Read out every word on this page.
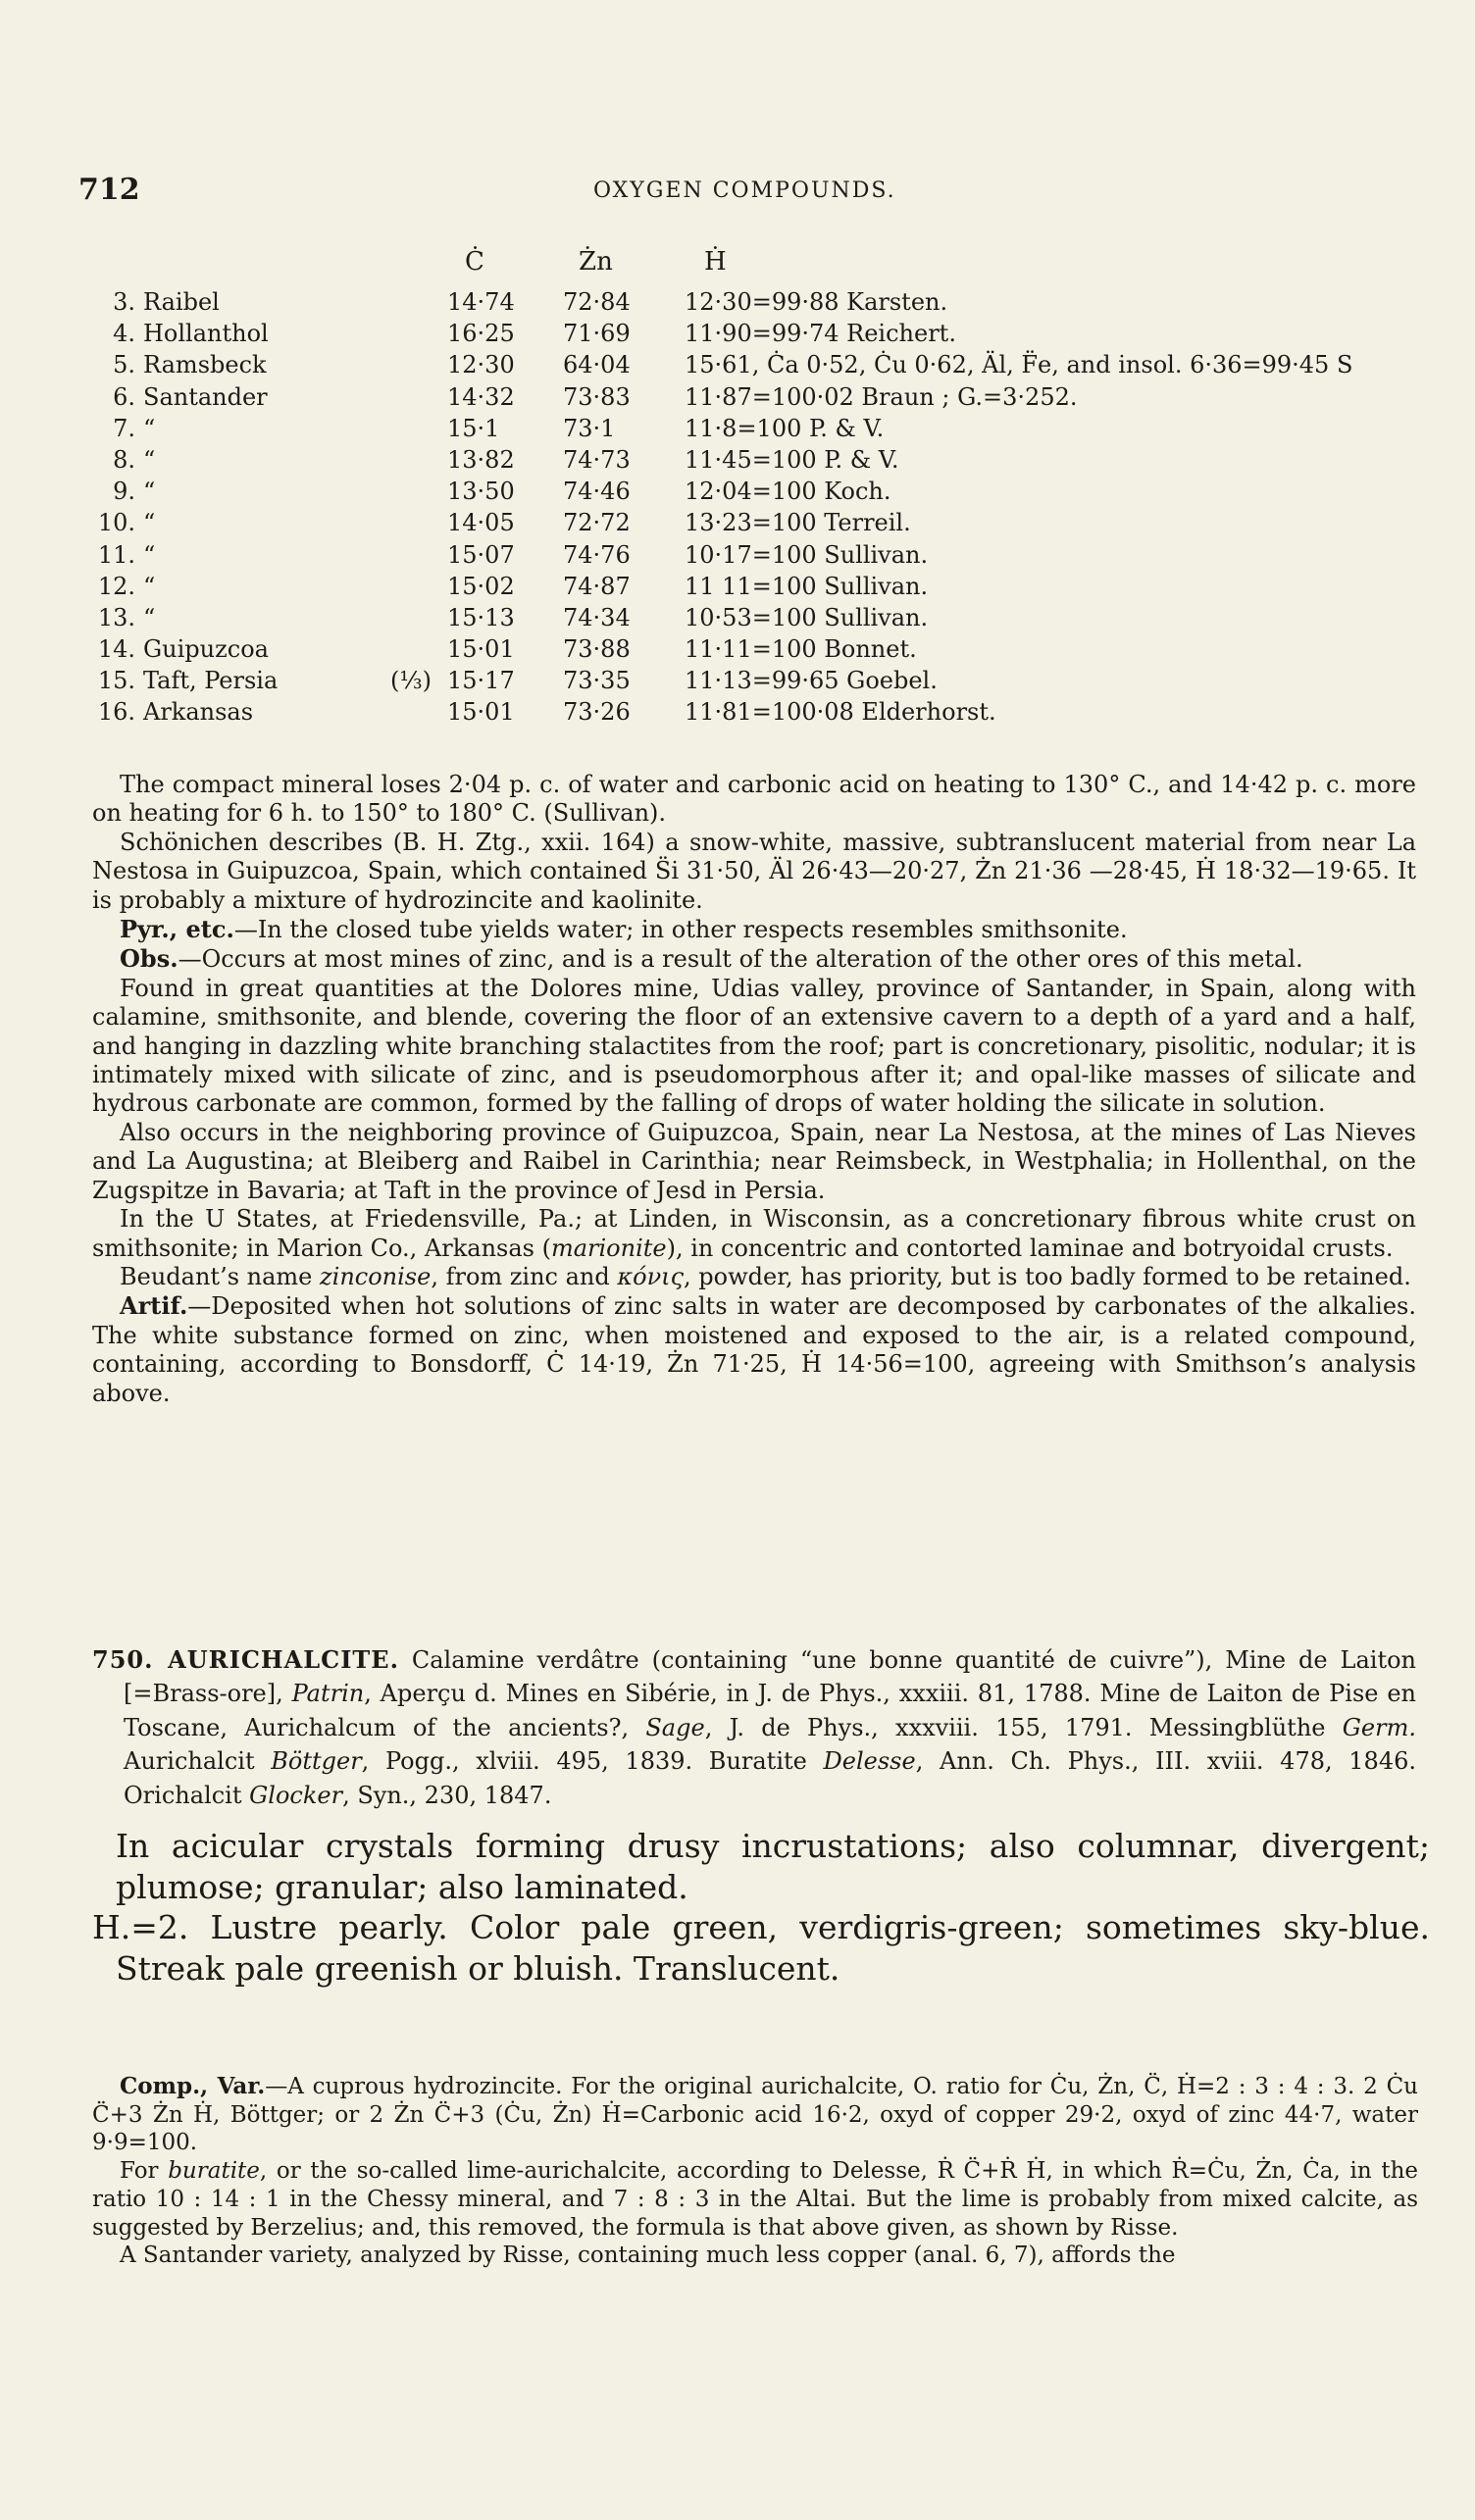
712	OXYGEN COMPOUNDS.
Ċ	Żn	Ḣ
3. Raibel	14·74	72·84	12·30=99·88 Karsten.
4. Hollanthol	16·25	71·69	11·90=99·74 Reichert.
5. Ramsbeck	12·30	64·04	15·61, Ċa 0·52, Ċu 0·62, Äl, F̈e, and insol. 6·36=99·45 S
6. Santander	14·32	73·83	11·87=100·02 Braun ; G.=3·252.
7. “	15·1	73·1	11·8=100 P. & V.
8. “	13·82	74·73	11·45=100 P. & V.
9. “	13·50	74·46	12·04=100 Koch.
10. “	14·05	72·72	13·23=100 Terreil.
11. “	15·07	74·76	10·17=100 Sullivan.
12. “	15·02	74·87	11 11=100 Sullivan.
13. “	15·13	74·34	10·53=100 Sullivan.
14. Guipuzcoa	15·01	73·88	11·11=100 Bonnet.
15. Taft, Persia	(⅓) 15·17	73·35	11·13=99·65 Goebel.
16. Arkansas	15·01	73·26	11·81=100·08 Elderhorst.

The compact mineral loses 2·04 p. c. of water and carbonic acid on heating to 130° C., and 14·42 p. c. more on heating for 6 h. to 150° to 180° C. (Sullivan).

Schönichen describes (B. H. Ztg., xxii. 164) a snow-white, massive, subtranslucent material from near La Nestosa in Guipuzcoa, Spain, which contained S̈i 31·50, Äl 26·43—20·27, Żn 21·36 —28·45, Ḣ 18·32—19·65. It is probably a mixture of hydrozincite and kaolinite.

Pyr., etc.—In the closed tube yields water; in other respects resembles smithsonite.

Obs.—Occurs at most mines of zinc, and is a result of the alteration of the other ores of this metal.

Found in great quantities at the Dolores mine, Udias valley, province of Santander, in Spain, along with calamine, smithsonite, and blende, covering the floor of an extensive cavern to a depth of a yard and a half, and hanging in dazzling white branching stalactites from the roof; part is concretionary, pisolitic, nodular; it is intimately mixed with silicate of zinc, and is pseudomorphous after it; and opal-like masses of silicate and hydrous carbonate are common, formed by the falling of drops of water holding the silicate in solution.

Also occurs in the neighboring province of Guipuzcoa, Spain, near La Nestosa, at the mines of Las Nieves and La Augustina; at Bleiberg and Raibel in Carinthia; near Reimsbeck, in Westphalia; in Hollenthal, on the Zugspitze in Bavaria; at Taft in the province of Jesd in Persia.

In the U States, at Friedensville, Pa.; at Linden, in Wisconsin, as a concretionary fibrous white crust on smithsonite; in Marion Co., Arkansas (marionite), in concentric and contorted laminae and botryoidal crusts.

Beudant’s name zinconise, from zinc and κόνις, powder, has priority, but is too badly formed to be retained.

Artif.—Deposited when hot solutions of zinc salts in water are decomposed by carbonates of the alkalies. The white substance formed on zinc, when moistened and exposed to the air, is a related compound, containing, according to Bonsdorff, Ċ 14·19, Żn 71·25, Ḣ 14·56=100, agreeing with Smithson’s analysis above.

750. AURICHALCITE. Calamine verdâtre (containing “une bonne quantité de cuivre”), Mine de Laiton [=Brass-ore], Patrin, Aperçu d. Mines en Sibérie, in J. de Phys., xxxiii. 81, 1788. Mine de Laiton de Pise en Toscane, Aurichalcum of the ancients?, Sage, J. de Phys., xxxviii. 155, 1791. Messingblüthe Germ. Aurichalcit Böttger, Pogg., xlviii. 495, 1839. Buratite Delesse, Ann. Ch. Phys., III. xviii. 478, 1846. Orichalcit Glocker, Syn., 230, 1847.

In acicular crystals forming drusy incrustations; also columnar, divergent; plumose; granular; also laminated.

H.=2. Lustre pearly. Color pale green, verdigris-green; sometimes sky-blue. Streak pale greenish or bluish. Translucent.

Comp., Var.—A cuprous hydrozincite. For the original aurichalcite, O. ratio for Ċu, Żn, C̈, Ḣ=2 : 3 : 4 : 3. 2 Ċu C̈+3 Żn Ḣ, Böttger; or 2 Żn C̈+3 (Ċu, Żn) Ḣ=Carbonic acid 16·2, oxyd of copper 29·2, oxyd of zinc 44·7, water 9·9=100.

For buratite, or the so-called lime-aurichalcite, according to Delesse, Ṙ C̈+Ṙ Ḣ, in which Ṙ=Ċu, Żn, Ċa, in the ratio 10 : 14 : 1 in the Chessy mineral, and 7 : 8 : 3 in the Altai. But the lime is probably from mixed calcite, as suggested by Berzelius; and, this removed, the formula is that above given, as shown by Risse.

A Santander variety, analyzed by Risse, containing much less copper (anal. 6, 7), affords the
